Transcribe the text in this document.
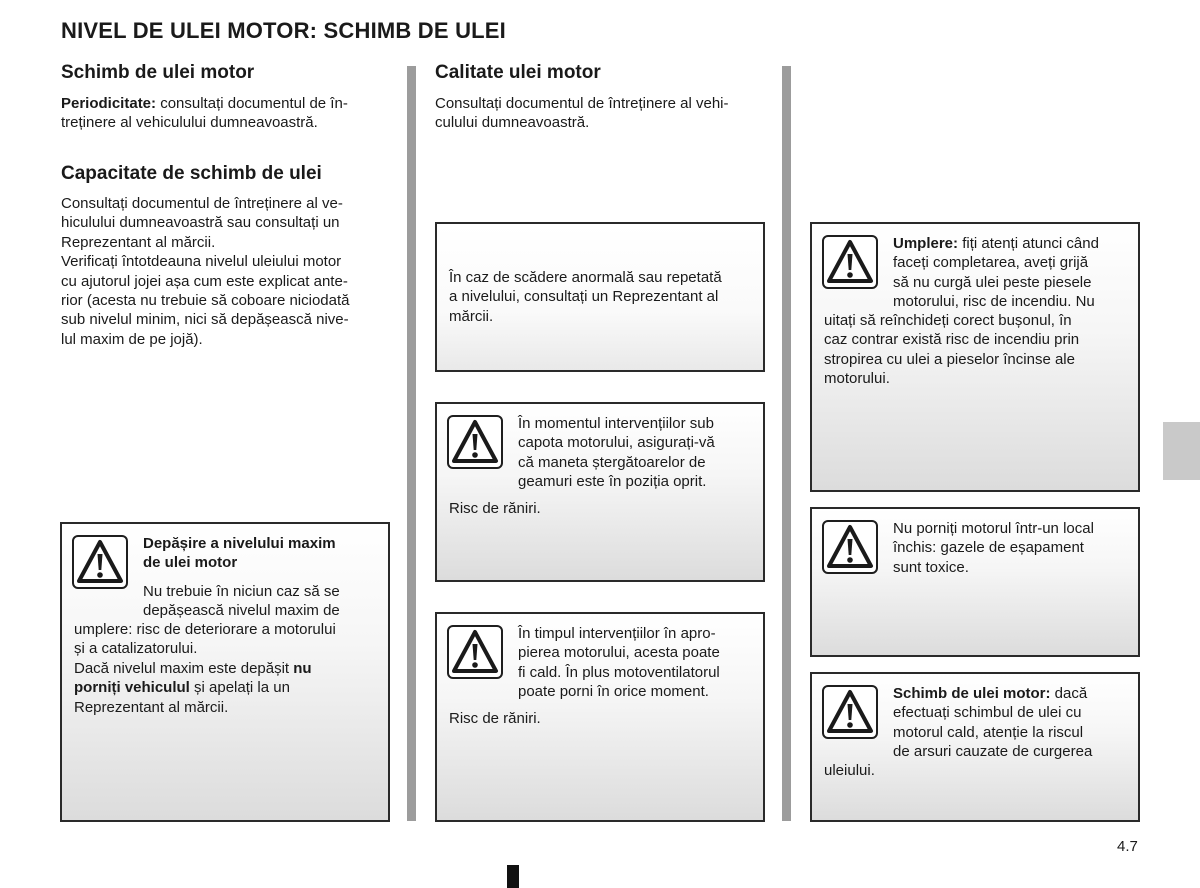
NIVEL DE ULEI MOTOR: SCHIMB DE ULEI
Schimb de ulei motor
Periodicitate: consultați documentul de în-
treținere al vehiculului dumneavoastră.
Capacitate de schimb de ulei
Consultați documentul de întreținere al ve-
hiculului dumneavoastră sau consultați un
Reprezentant al mărcii.
Verificați întotdeauna nivelul uleiului motor
cu ajutorul jojei așa cum este explicat ante-
rior (acesta nu trebuie să coboare niciodată
sub nivelul minim, nici să depășească nive-
lul maxim de pe jojă).
Depășire a nivelului maxim
de ulei motor
Nu trebuie în niciun caz să se
depășească nivelul maxim de
umplere: risc de deteriorare a motorului
și a catalizatorului.
Dacă nivelul maxim este depășit nu
porniți vehiculul și apelați la un
Reprezentant al mărcii.
Calitate ulei motor
Consultați documentul de întreținere al vehi-
culului dumneavoastră.
În caz de scădere anormală sau repetată
a nivelului, consultați un Reprezentant al
mărcii.
În momentul intervențiilor sub
capota motorului, asigurați-vă
că maneta ștergătoarelor de
geamuri este în poziția oprit.
Risc de răniri.
În timpul intervențiilor în apro-
pierea motorului, acesta poate
fi cald. În plus motoventilatorul
poate porni în orice moment.
Risc de răniri.
Umplere: fiți atenți atunci când
faceți completarea, aveți grijă
să nu curgă ulei peste piesele
motorului, risc de incendiu. Nu
uitați să reînchideți corect bușonul, în
caz contrar există risc de incendiu prin
stropirea cu ulei a pieselor încinse ale
motorului.
Nu porniți motorul într-un local
închis: gazele de eșapament
sunt toxice.
Schimb de ulei motor: dacă
efectuați schimbul de ulei cu
motorul cald, atenție la riscul
de arsuri cauzate de curgerea
uleiului.
4.7
